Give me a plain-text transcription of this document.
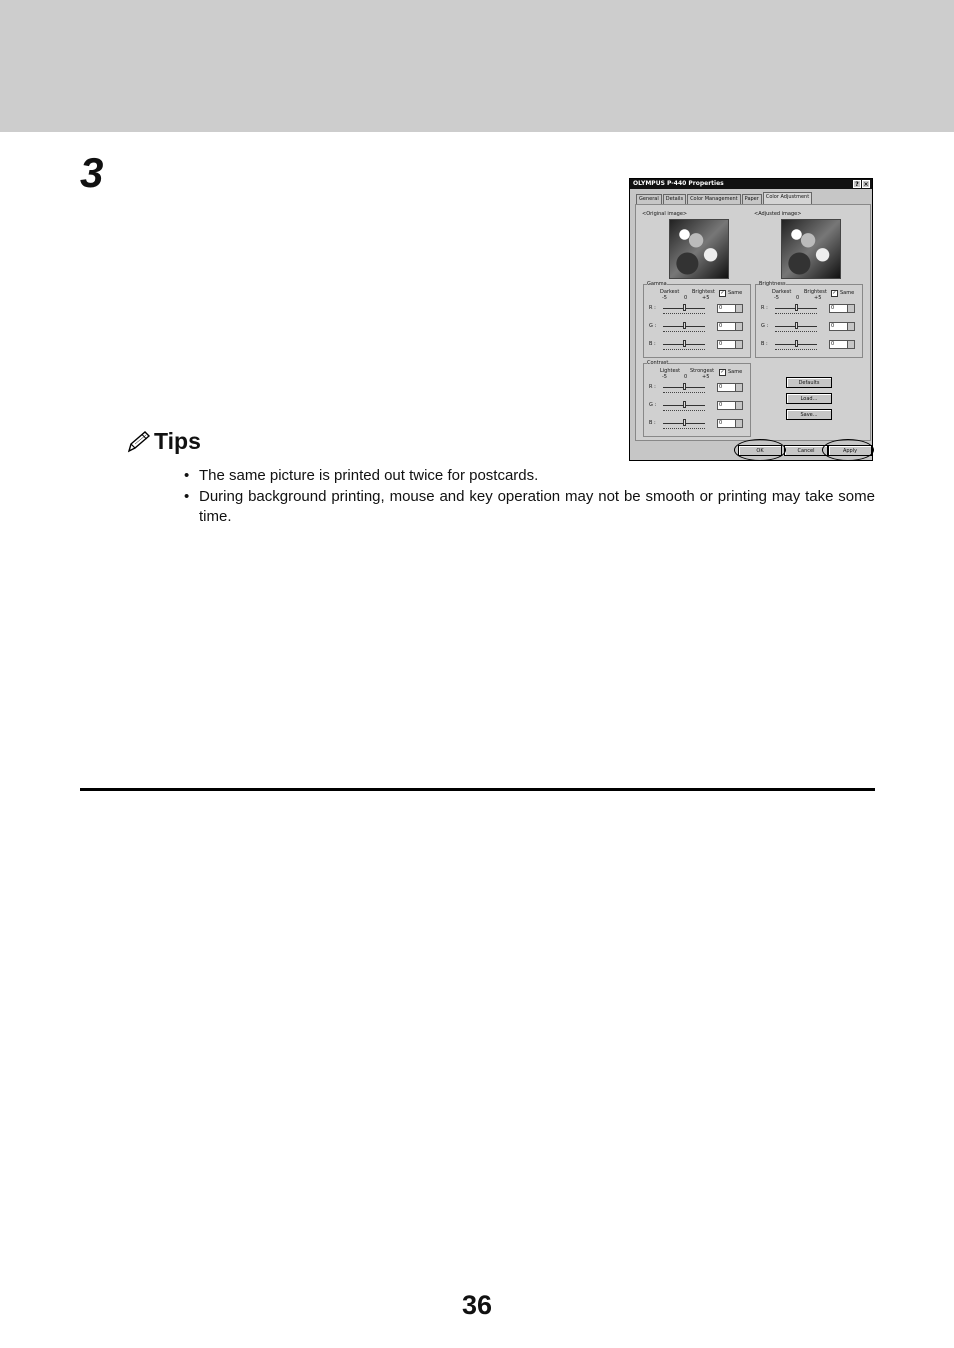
3	OLYMPUS P-440 Properties	? ×
General	Details	Color Management	Paper	Color Adjustment
<Original image>	<Adjusted image>
Gamma
Darkest	Brightest
-5	0	+5
✓ Same
R :	0
G :	0
B :	0
Brightness
Darkest	Brightest
-5	0	+5
✓ Same
R :	0
G :	0
B :	0
Contrast
Lightest Strongest
-5	0	+5
✓ Same
R :	0
G :	0
B :	0
Defaults
Load...
Save...
OK	Cancel	Apply
Tips
• The same picture is printed out twice for postcards.
• During background printing, mouse and key operation may not be smooth or printing may take some time.
36
